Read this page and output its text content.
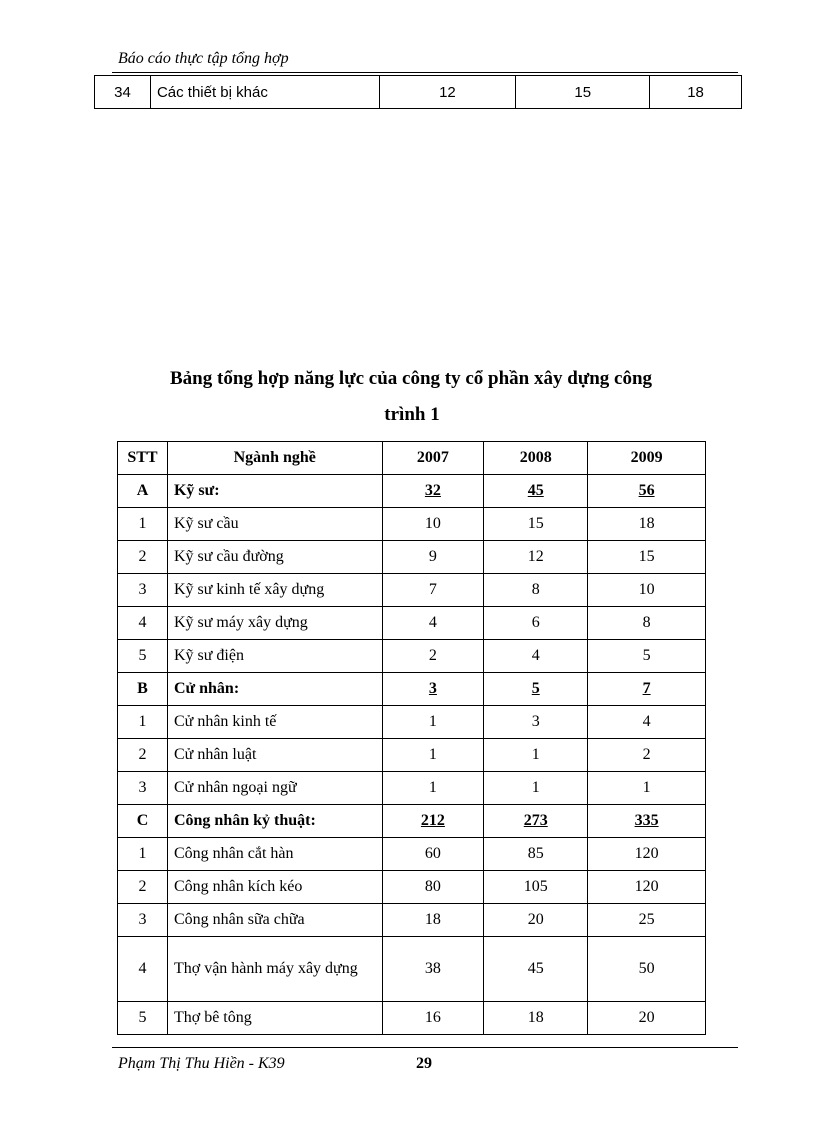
Báo cáo thực tập tổng hợp
34	Các thiết bị khác	12	15	18
Bảng tổng hợp năng lực của công ty cổ phần xây dựng công
trình 1
STT	Ngành nghề	2007	2008	2009
A	Kỹ sư:	32	45	56
1	Kỹ sư cầu	10	15	18
2	Kỹ sư cầu đường	9	12	15
3	Kỹ sư kinh tế xây dựng	7	8	10
4	Kỹ sư máy xây dựng	4	6	8
5	Kỹ sư điện	2	4	5
B	Cử nhân:	3	5	7
1	Cử nhân kinh tế	1	3	4
2	Cử nhân luật	1	1	2
3	Cử nhân ngoại ngữ	1	1	1
C	Công nhân kỷ thuật:	212	273	335
1	Công nhân cắt hàn	60	85	120
2	Công nhân kích kéo	80	105	120
3	Công nhân sữa chữa	18	20	25
4	Thợ vận hành máy xây dựng	38	45	50
5	Thợ bê tông	16	18	20
Phạm Thị Thu Hiền - K39	29
